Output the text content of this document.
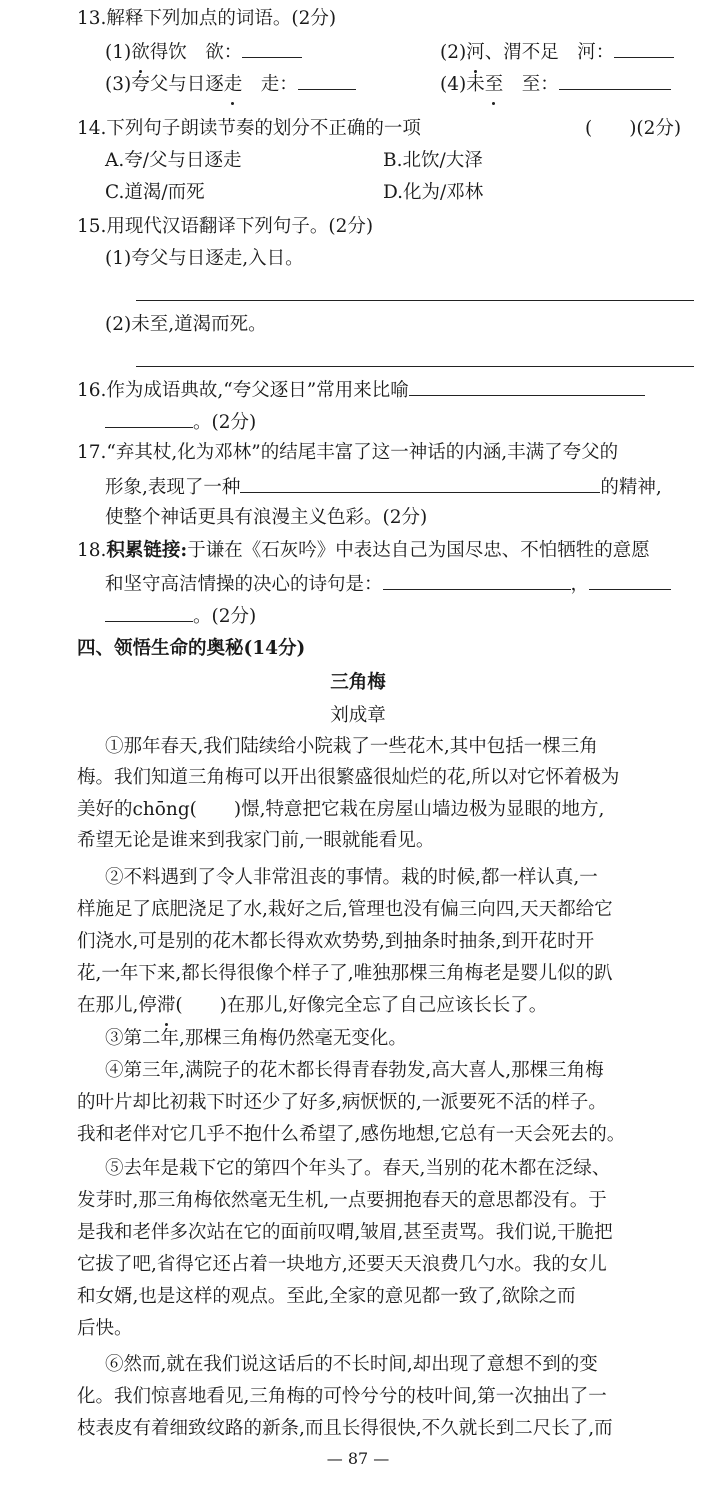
13.解释下列加点的词语。(2分)
(1)欲得饮　欲：	(2)河、渭不足　河：
(3)夸父与日逐走　 走：	(4)未至　 至：
14.下列句子朗读节奏的划分不正确的一项	(　　)(2分)
A.夸/父与日逐走	B.北饮/大泽
C.道渴/而死	D.化为/邓林
15.用现代汉语翻译下列句子。(2分)
(1)夸父与日逐走,入日。
(2)未至,道渴而死。
16.作为成语典故,“夸父逐日”常用来比喻
。(2分)
17.“弃其杖,化为邓林”的结尾丰富了这一神话的内涵,丰满了夸父的
形象,表现了一种	的精神,
使整个神话更具有浪漫主义色彩。(2分)
18.积累链接:于谦在《石灰吟》中表达自己为国尽忠、不怕牺牲的意愿
和坚守高洁情操的决心的诗句是：	，
。(2分)
四、领悟生命的奥秘(14分)
三角梅
刘成章
①那年春天,我们陆续给小院栽了一些花木,其中包括一棵三角
梅。我们知道三角梅可以开出很繁盛很灿烂的花,所以对它怀着极为
美好的chōng(　　)憬,特意把它栽在房屋山墙边极为显眼的地方,
希望无论是谁来到我家门前,一眼就能看见。
②不料遇到了令人非常沮丧的事情。栽的时候,都一样认真,一
样施足了底肥浇足了水,栽好之后,管理也没有偏三向四,天天都给它
们浇水,可是别的花木都长得欢欢势势,到抽条时抽条,到开花时开
花,一年下来,都长得很像个样子了,唯独那棵三角梅老是婴儿似的趴
在那儿,停滞(　　)在那儿,好像完全忘了自己应该长长了。
③第二年,那棵三角梅仍然毫无变化。
④第三年,满院子的花木都长得青春勃发,高大喜人,那棵三角梅
的叶片却比初栽下时还少了好多,病恹恹的,一派要死不活的样子。
我和老伴对它几乎不抱什么希望了,感伤地想,它总有一天会死去的。
⑤去年是栽下它的第四个年头了。春天,当别的花木都在泛绿、
发芽时,那三角梅依然毫无生机,一点要拥抱春天的意思都没有。于
是我和老伴多次站在它的面前叹喟,皱眉,甚至责骂。我们说,干脆把
它拔了吧,省得它还占着一块地方,还要天天浪费几勺水。我的女儿
和女婿,也是这样的观点。至此,全家的意见都一致了,欲除之而
后快。
⑥然而,就在我们说这话后的不长时间,却出现了意想不到的变
化。我们惊喜地看见,三角梅的可怜兮兮的枝叶间,第一次抽出了一
枝表皮有着细致纹路的新条,而且长得很快,不久就长到二尺长了,而
— 87 —
